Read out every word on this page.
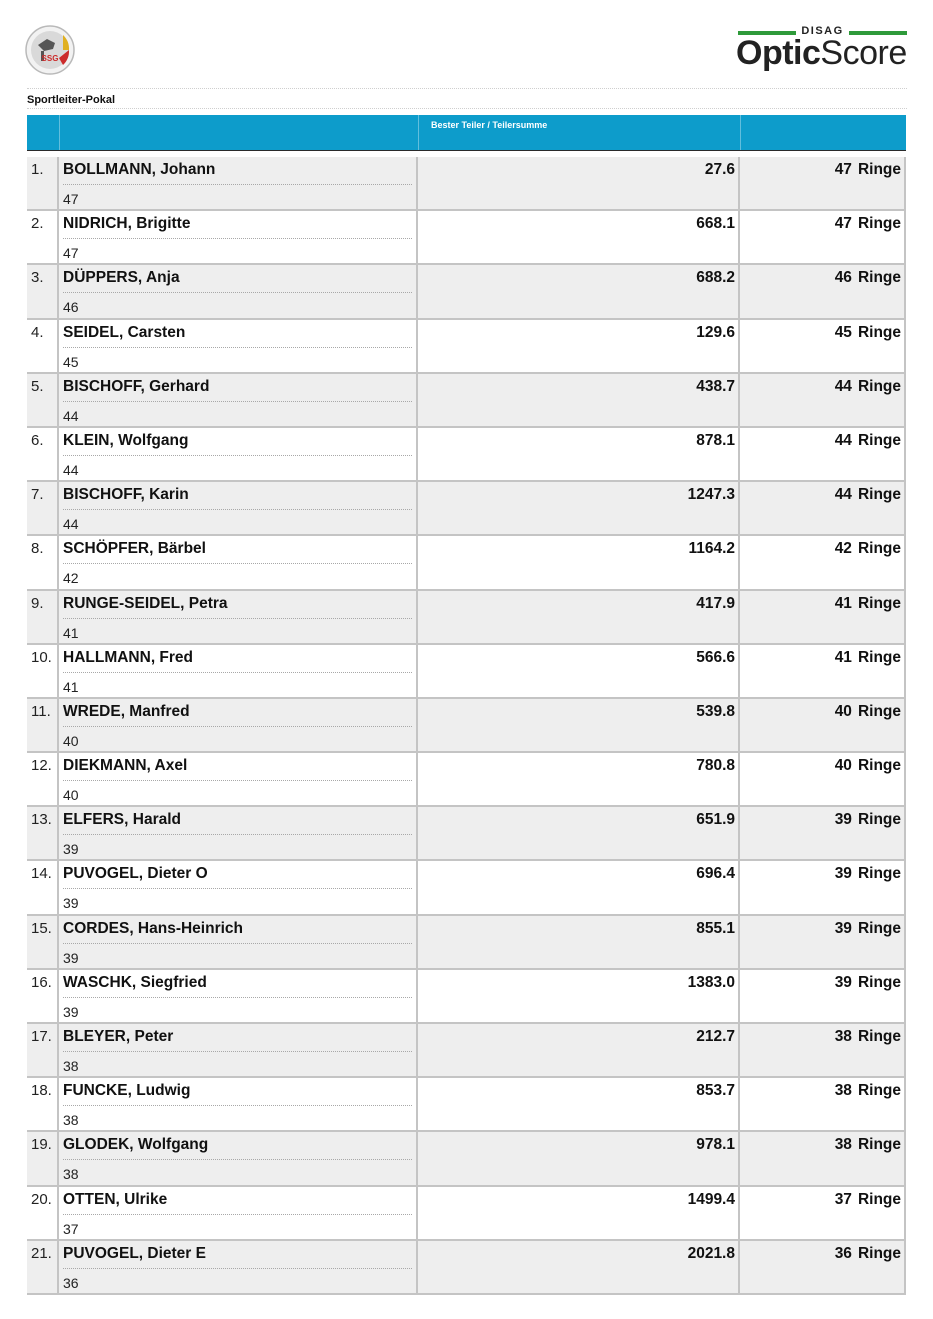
SSG
DISAG
OpticScore
Sportleiter-Pokal
Bester Teiler / Teilersumme
1. BOLLMANN, Johann
47
27.6	47 Ringe
2. NIDRICH, Brigitte
47
668.1	47 Ringe
3. DÜPPERS, Anja
46
688.2	46 Ringe
4. SEIDEL, Carsten
45
129.6	45 Ringe
5. BISCHOFF, Gerhard
44
438.7	44 Ringe
6. KLEIN, Wolfgang
44
878.1	44 Ringe
7. BISCHOFF, Karin
44
1247.3	44 Ringe
8. SCHÖPFER, Bärbel
42
1164.2	42 Ringe
9. RUNGE-SEIDEL, Petra
41
417.9	41 Ringe
10. HALLMANN, Fred
41
566.6	41 Ringe
11. WREDE, Manfred
40
539.8	40 Ringe
12. DIEKMANN, Axel
40
780.8	40 Ringe
13. ELFERS, Harald
39
651.9	39 Ringe
14. PUVOGEL, Dieter O
39
696.4	39 Ringe
15. CORDES, Hans-Heinrich
39
855.1	39 Ringe
16. WASCHK, Siegfried
39
1383.0	39 Ringe
17. BLEYER, Peter
38
212.7	38 Ringe
18. FUNCKE, Ludwig
38
853.7	38 Ringe
19. GLODEK, Wolfgang
38
978.1	38 Ringe
20. OTTEN, Ulrike
37
1499.4	37 Ringe
21. PUVOGEL, Dieter E
36
2021.8	36 Ringe
